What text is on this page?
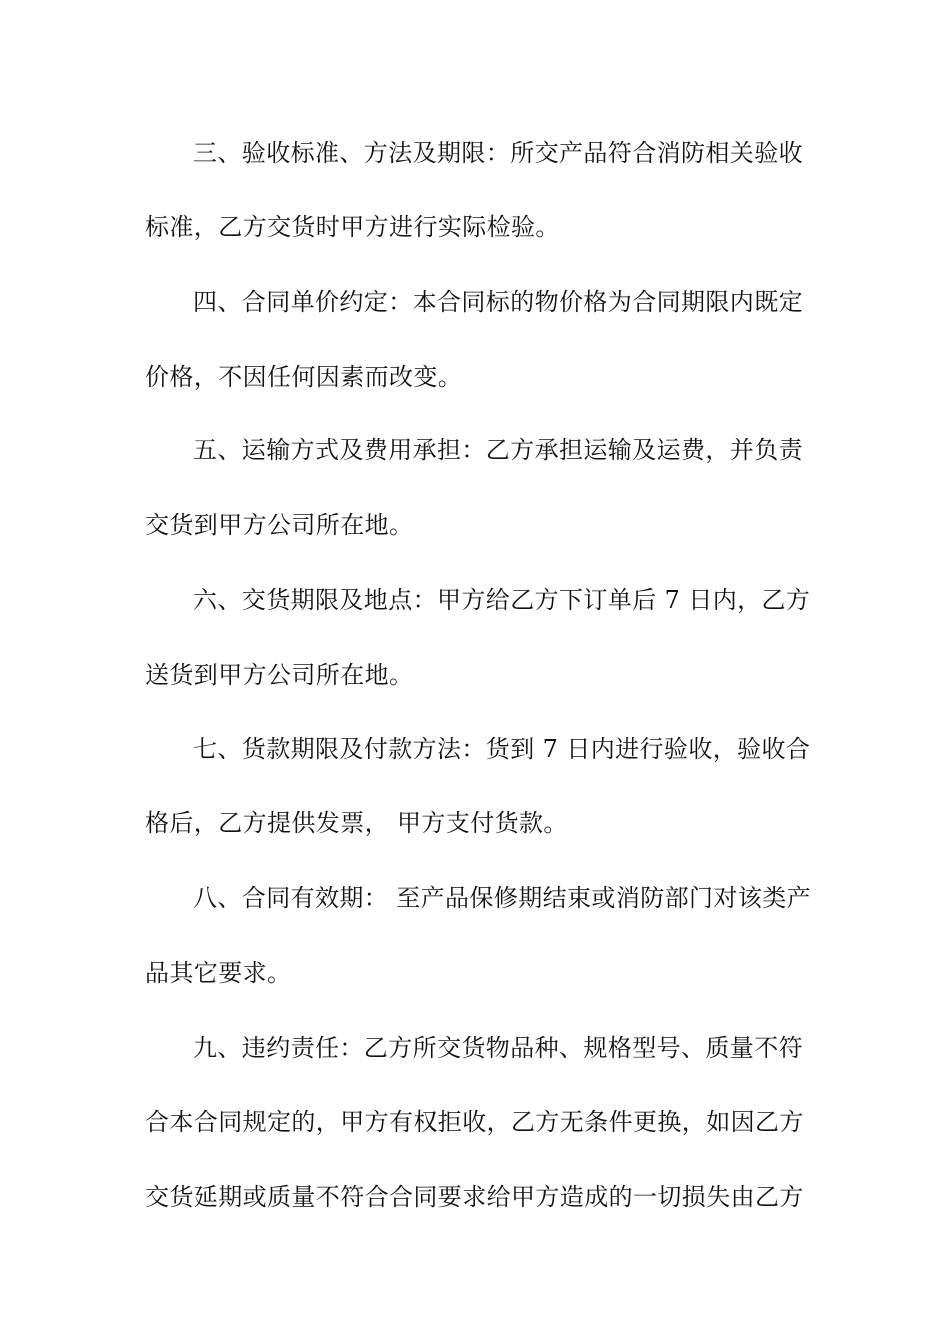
三、验收标准、方法及期限：所交产品符合消防相关验收
标准，乙方交货时甲方进行实际检验。
四、合同单价约定：本合同标的物价格为合同期限内既定
价格，不因任何因素而改变。
五、运输方式及费用承担：乙方承担运输及运费，并负责
交货到甲方公司所在地。
六、交货期限及地点：甲方给乙方下订单后 7 日内，乙方
送货到甲方公司所在地。
七、货款期限及付款方法：货到 7 日内进行验收，验收合
格后，乙方提供发票， 甲方支付货款。
八、合同有效期： 至产品保修期结束或消防部门对该类产
品其它要求。
九、违约责任：乙方所交货物品种、规格型号、质量不符
合本合同规定的，甲方有权拒收，乙方无条件更换，如因乙方
交货延期或质量不符合合同要求给甲方造成的一切损失由乙方
